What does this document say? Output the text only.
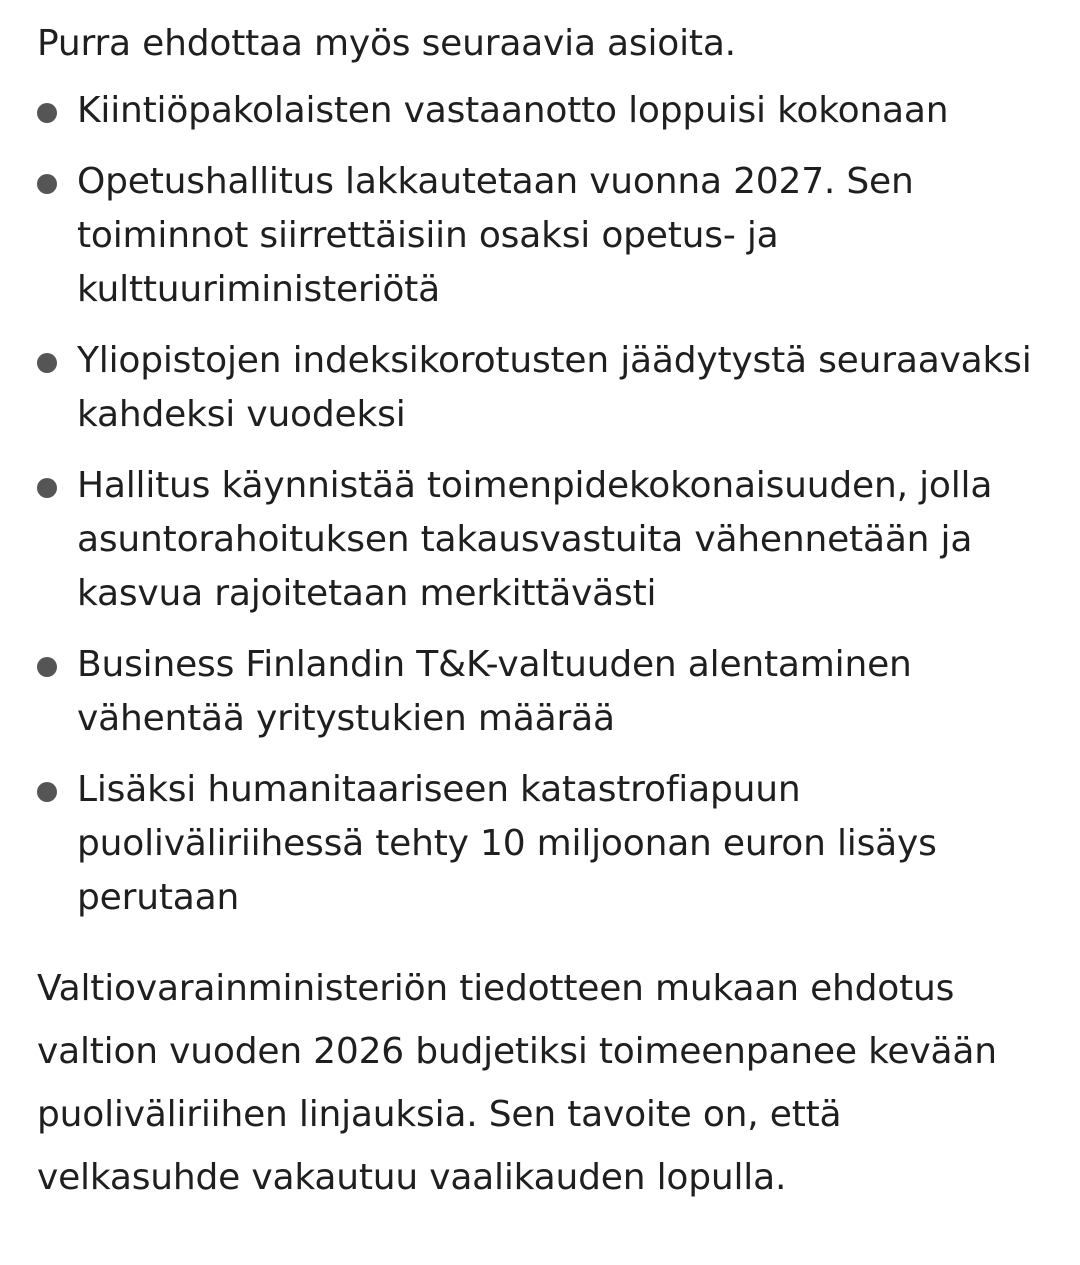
Purra ehdottaa myös seuraavia asioita.

Kiintiöpakolaisten vastaanotto loppuisi kokonaan
Opetushallitus lakkautetaan vuonna 2027. Sen toiminnot siirrettäisiin osaksi opetus- ja kulttuuriministeriötä
Yliopistojen indeksikorotusten jäädytystä seuraavaksi kahdeksi vuodeksi
Hallitus käynnistää toimenpidekokonaisuuden, jolla asuntorahoituksen takausvastuita vähennetään ja kasvua rajoitetaan merkittävästi
Business Finlandin T&K-valtuuden alentaminen vähentää yritystukien määrää
Lisäksi humanitaariseen katastrofiapuun puoliväliriihessä tehty 10 miljoonan euron lisäys perutaan

Valtiovarainministeriön tiedotteen mukaan ehdotus valtion vuoden 2026 budjetiksi toimeenpanee kevään puoliväliriihen linjauksia. Sen tavoite on, että velkasuhde vakautuu vaalikauden lopulla.
